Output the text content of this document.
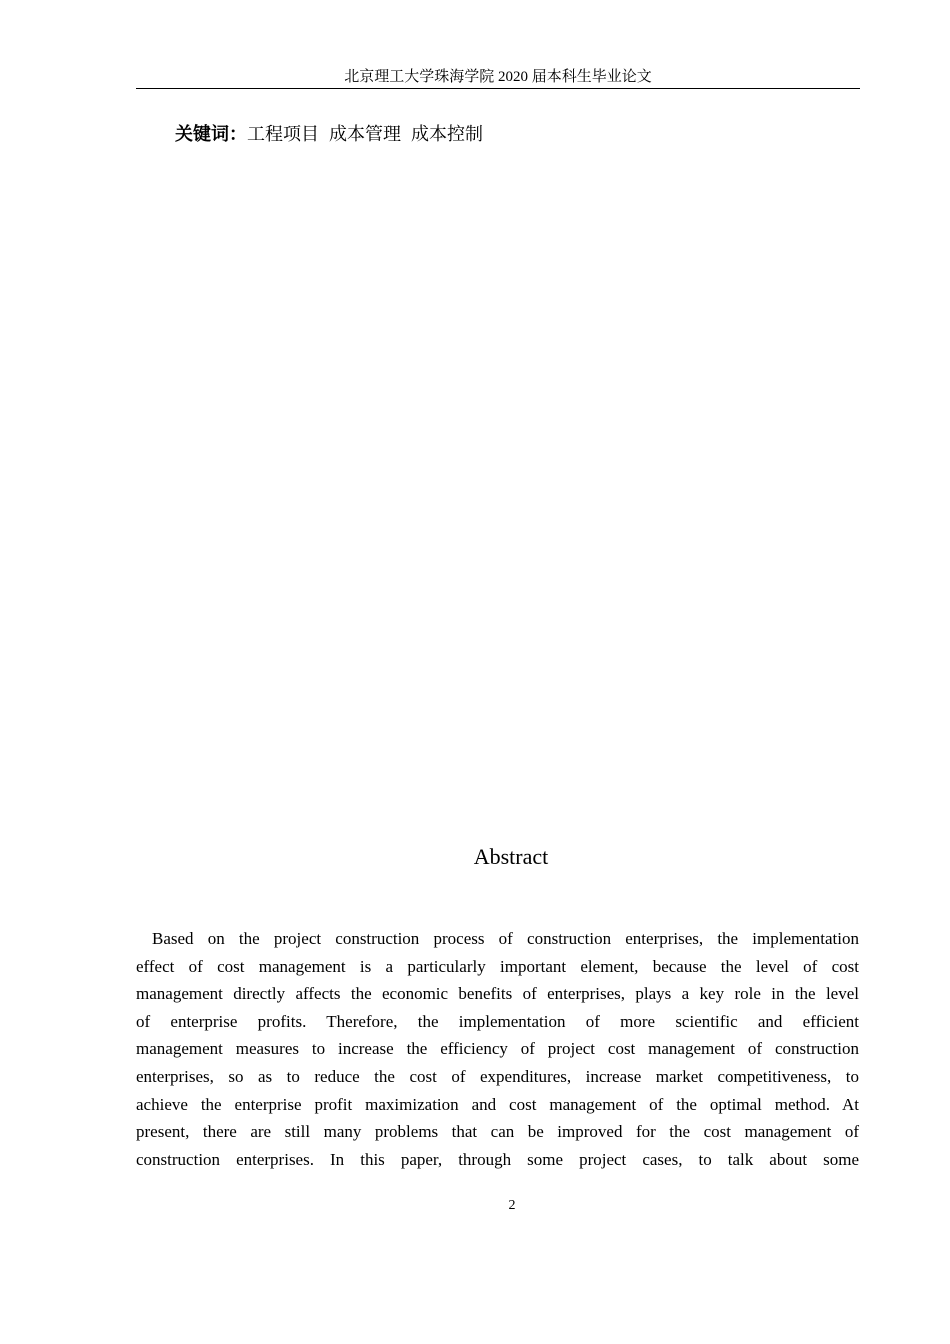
北京理工大学珠海学院 2020 届本科生毕业论文
关键词：工程项目 成本管理 成本控制
Abstract
Based on the project construction process of construction enterprises, the implementation
effect of cost management is a particularly important element, because the level of cost
management directly affects the economic benefits of enterprises, plays a key role in the level
of enterprise profits. Therefore, the implementation of more scientific and efficient
management measures to increase the efficiency of project cost management of construction
enterprises, so as to reduce the cost of expenditures, increase market competitiveness, to
achieve the enterprise profit maximization and cost management of the optimal method. At
present, there are still many problems that can be improved for the cost management of
construction enterprises. In this paper, through some project cases, to talk about some
2
